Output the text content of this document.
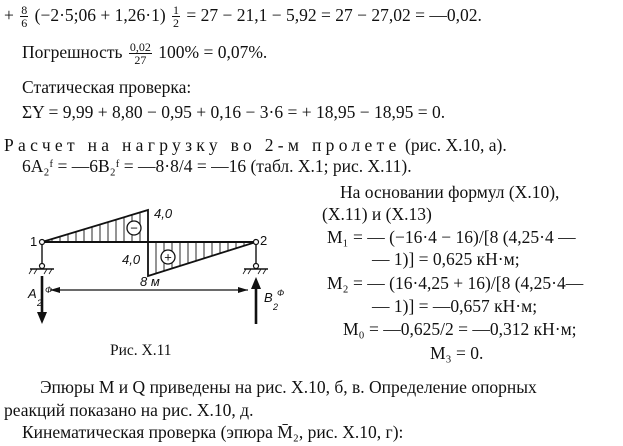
+ $\frac{8}{6}$ (−2·5;06 + $1,26\cdot 1) \frac{1}{2} = 27 - 21,1 - 5,92 = 27 - 27,02$ = —0,02.
Погрешность $\frac{0,02}{27} 100\% = 0,07\%$.
Статическая проверка:
ΣY = 9,99 + 8,80 − 0,95 + 0,16 − 3·6 = + 18,95 − 18,95 = 0.
Расчет на нагрузку во 2-м пролете (рис. X.10, а).
6A₂ᶠ = —6B₂ᶠ = —8·8/4 = —16 (табл. X.1; рис. X.11).
На основании формул (X.10),
(X.11) и (X.13)
M₁ = — (−16·4 − 16)/[8 (4,25·4 —
— 1)] = 0,625 кН·м;
M₂ = — (16·4,25 + 16)/[8 (4,25·4—
— 1)] = —0,657 кН·м;
M₀ = —0,625/2 = —0,312 кН·м;
M₃ = 0.
−
+
4,0
4,0
1	2
8 м
A
2
Ф	B
2
Ф
Рис. X.11
Эпюры M и Q приведены на рис. X.10, б, в. Определение опорных
реакций показано на рис. X.10, д.
Кинематическая проверка (эпюра M̄₂, рис. X.10, г):
